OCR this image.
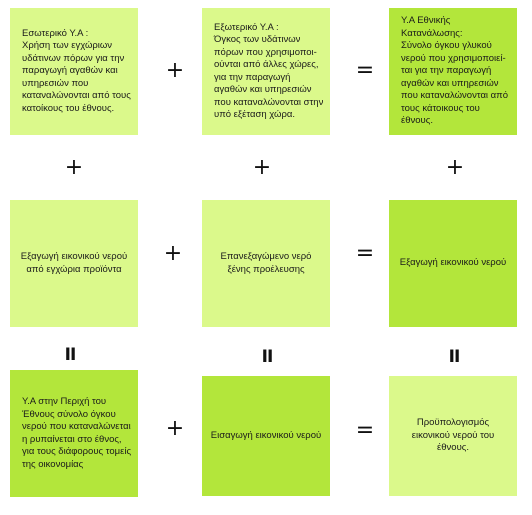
Εσωτερικό Υ.Α :
Χρήση των εγχώριων υδάτινων πόρων για την παραγωγή αγαθών και υπηρεσιών που καταναλώνονται από τους κατοίκους του έθνους.
+
Εξωτερικό Υ.Α :
Όγκος των υδάτινων πόρων που χρησιμοποι-ούνται από άλλες χώρες, για την παραγωγή αγαθών και υπηρεσιών που καταναλώνονται στην υπό εξέταση χώρα.
=
Υ.Α Εθνικής Κατανάλωσης:
Σύνολο όγκου γλυκού νερού που χρησιμοποιεί-ται για την παραγωγή αγαθών και υπηρεσιών που καταναλώνονται από τους κάτοικους του έθνους.
+	+	+
Εξαγωγή εικονικού νερού από εγχώρια προϊόντα
+	Επανεξαγώμενο νερό ξένης προέλευσης
=	Εξαγωγή εικονικού νερού
II	II	II
Υ.Α στην Περιχή του Έθνους σύνολο όγκου νερού που καταναλώνεται η ρυπαίνεται στο έθνος, για τους διάφορους τομείς της οικονομίας
+	Εισαγωγή εικονικού νερού =	Προϋπολογισμός εικονικού νερού του έθνους.
